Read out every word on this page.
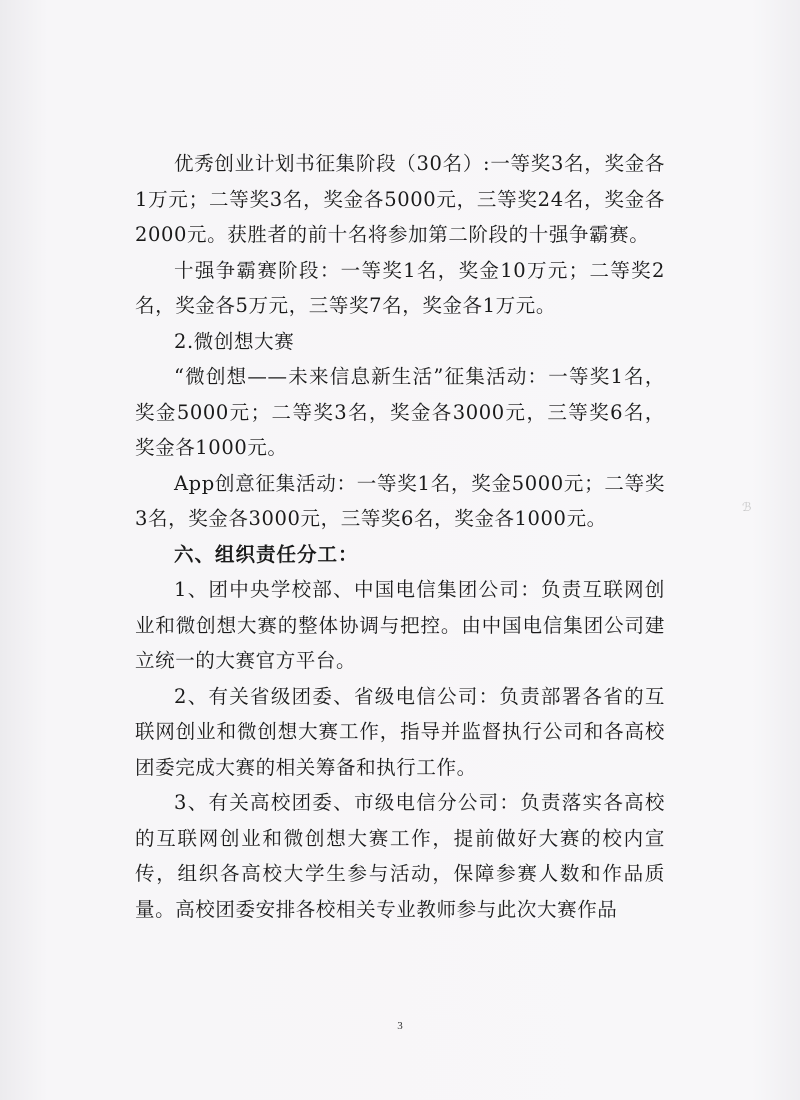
优秀创业计划书征集阶段（30名）:一等奖3名，奖金各1万元；二等奖3名，奖金各5000元，三等奖24名，奖金各2000元。获胜者的前十名将参加第二阶段的十强争霸赛。

十强争霸赛阶段：一等奖1名，奖金10万元；二等奖2名，奖金各5万元，三等奖7名，奖金各1万元。

2.微创想大赛

“微创想——未来信息新生活”征集活动：一等奖1名，奖金5000元；二等奖3名，奖金各3000元，三等奖6名，奖金各1000元。

App创意征集活动：一等奖1名，奖金5000元；二等奖3名，奖金各3000元，三等奖6名，奖金各1000元。

六、组织责任分工：

1、团中央学校部、中国电信集团公司：负责互联网创业和微创想大赛的整体协调与把控。由中国电信集团公司建立统一的大赛官方平台。

2、有关省级团委、省级电信公司：负责部署各省的互联网创业和微创想大赛工作，指导并监督执行公司和各高校团委完成大赛的相关筹备和执行工作。

3、有关高校团委、市级电信分公司：负责落实各高校的互联网创业和微创想大赛工作，提前做好大赛的校内宣传，组织各高校大学生参与活动，保障参赛人数和作品质量。高校团委安排各校相关专业教师参与此次大赛作品

ℬ
3
